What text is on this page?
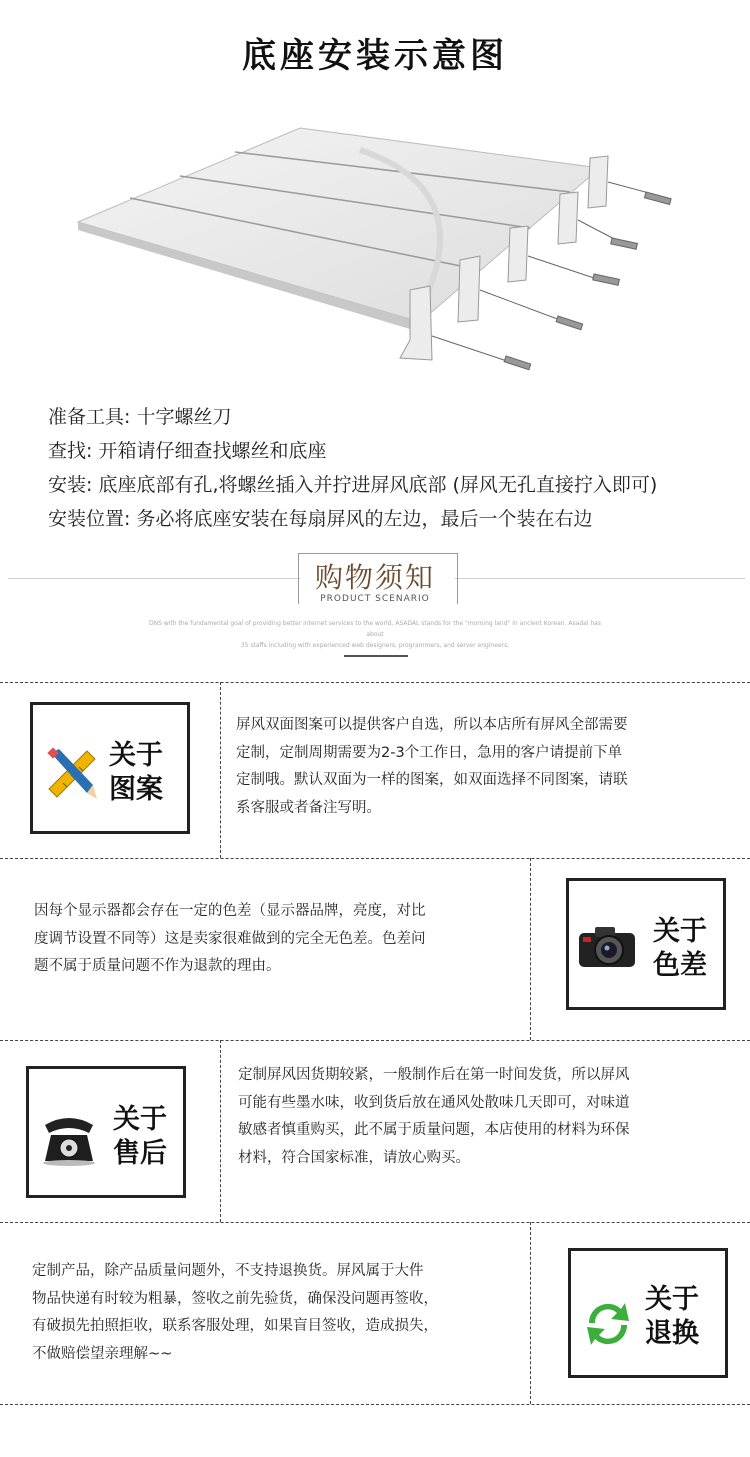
底座安装示意图
准备工具: 十字螺丝刀
查找: 开箱请仔细查找螺丝和底座
安装: 底座底部有孔,将螺丝插入并拧进屏风底部 (屏风无孔直接拧入即可)
安装位置: 务必将底座安装在每扇屏风的左边，最后一个装在右边
购物须知
PRODUCT SCENARIO
DNS with the fundamental goal of providing better internet services to the world. ASADAL stands for the "morning land" in ancient Korean. Asadal has about
35 staffs including with experienced web designers, programmers, and server engineers.
关于
图案
屏风双面图案可以提供客户自选，所以本店所有屏风全部需要
定制，定制周期需要为2-3个工作日，急用的客户请提前下单
定制哦。默认双面为一样的图案，如双面选择不同图案，请联
系客服或者备注写明。
因每个显示器都会存在一定的色差（显示器品牌，亮度，对比
度调节设置不同等）这是卖家很难做到的完全无色差。色差问
题不属于质量问题不作为退款的理由。
关于
色差
关于
售后
定制屏风因货期较紧，一般制作后在第一时间发货，所以屏风
可能有些墨水味，收到货后放在通风处散味几天即可，对味道
敏感者慎重购买，此不属于质量问题，本店使用的材料为环保
材料，符合国家标准，请放心购买。
定制产品，除产品质量问题外，不支持退换货。屏风属于大件
物品快递有时较为粗暴，签收之前先验货，确保没问题再签收，
有破损先拍照拒收，联系客服处理，如果盲目签收，造成损失，
不做赔偿望亲理解~~
关于
退换
